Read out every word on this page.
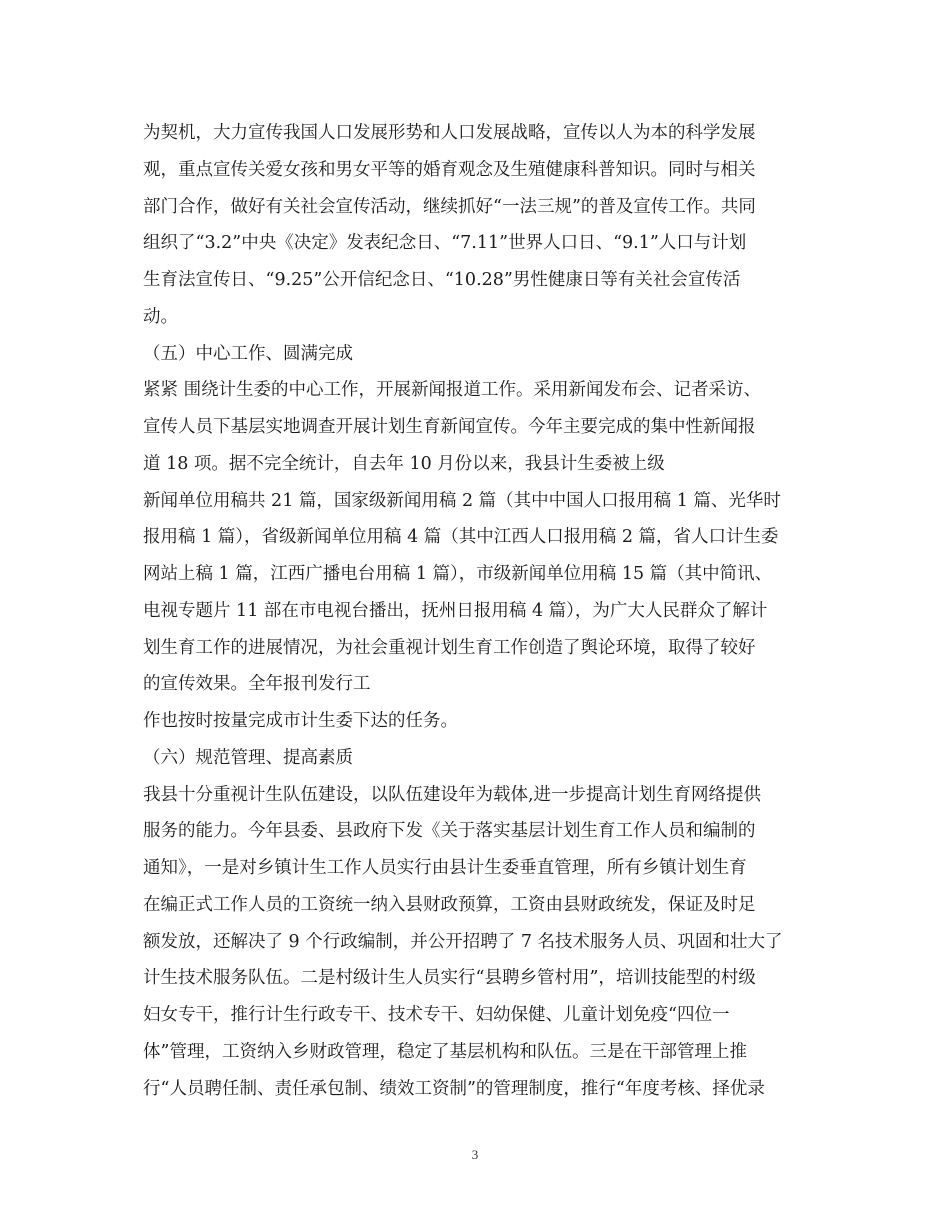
为契机，大力宣传我国人口发展形势和人口发展战略，宣传以人为本的科学发展
观，重点宣传关爱女孩和男女平等的婚育观念及生殖健康科普知识。同时与相关
部门合作，做好有关社会宣传活动，继续抓好“一法三规”的普及宣传工作。共同
组织了“3.2”中央《决定》发表纪念日、“7.11”世界人口日、“9.1”人口与计划
生育法宣传日、“9.25”公开信纪念日、“10.28”男性健康日等有关社会宣传活
动。
（五）中心工作、圆满完成
紧紧 围绕计生委的中心工作，开展新闻报道工作。采用新闻发布会、记者采访、
宣传人员下基层实地调查开展计划生育新闻宣传。今年主要完成的集中性新闻报
道 18 项。据不完全统计，自去年 10 月份以来，我县计生委被上级
新闻单位用稿共 21 篇，国家级新闻用稿 2 篇（其中中国人口报用稿 1 篇、光华时
报用稿 1 篇），省级新闻单位用稿 4 篇（其中江西人口报用稿 2 篇，省人口计生委
网站上稿 1 篇，江西广播电台用稿 1 篇），市级新闻单位用稿 15 篇（其中简讯、
电视专题片 11 部在市电视台播出，抚州日报用稿 4 篇），为广大人民群众了解计
划生育工作的进展情况，为社会重视计划生育工作创造了舆论环境，取得了较好
的宣传效果。全年报刊发行工
作也按时按量完成市计生委下达的任务。
（六）规范管理、提高素质
我县十分重视计生队伍建设，以队伍建设年为载体,进一步提高计划生育网络提供
服务的能力。今年县委、县政府下发《关于落实基层计划生育工作人员和编制的
通知》，一是对乡镇计生工作人员实行由县计生委垂直管理，所有乡镇计划生育
在编正式工作人员的工资统一纳入县财政预算，工资由县财政统发，保证及时足
额发放，还解决了 9 个行政编制，并公开招聘了 7 名技术服务人员、巩固和壮大了
计生技术服务队伍。二是村级计生人员实行“县聘乡管村用”，培训技能型的村级
妇女专干，推行计生行政专干、技术专干、妇幼保健、儿童计划免疫“四位一
体”管理，工资纳入乡财政管理，稳定了基层机构和队伍。三是在干部管理上推
行“人员聘任制、责任承包制、绩效工资制”的管理制度，推行“年度考核、择优录
3
